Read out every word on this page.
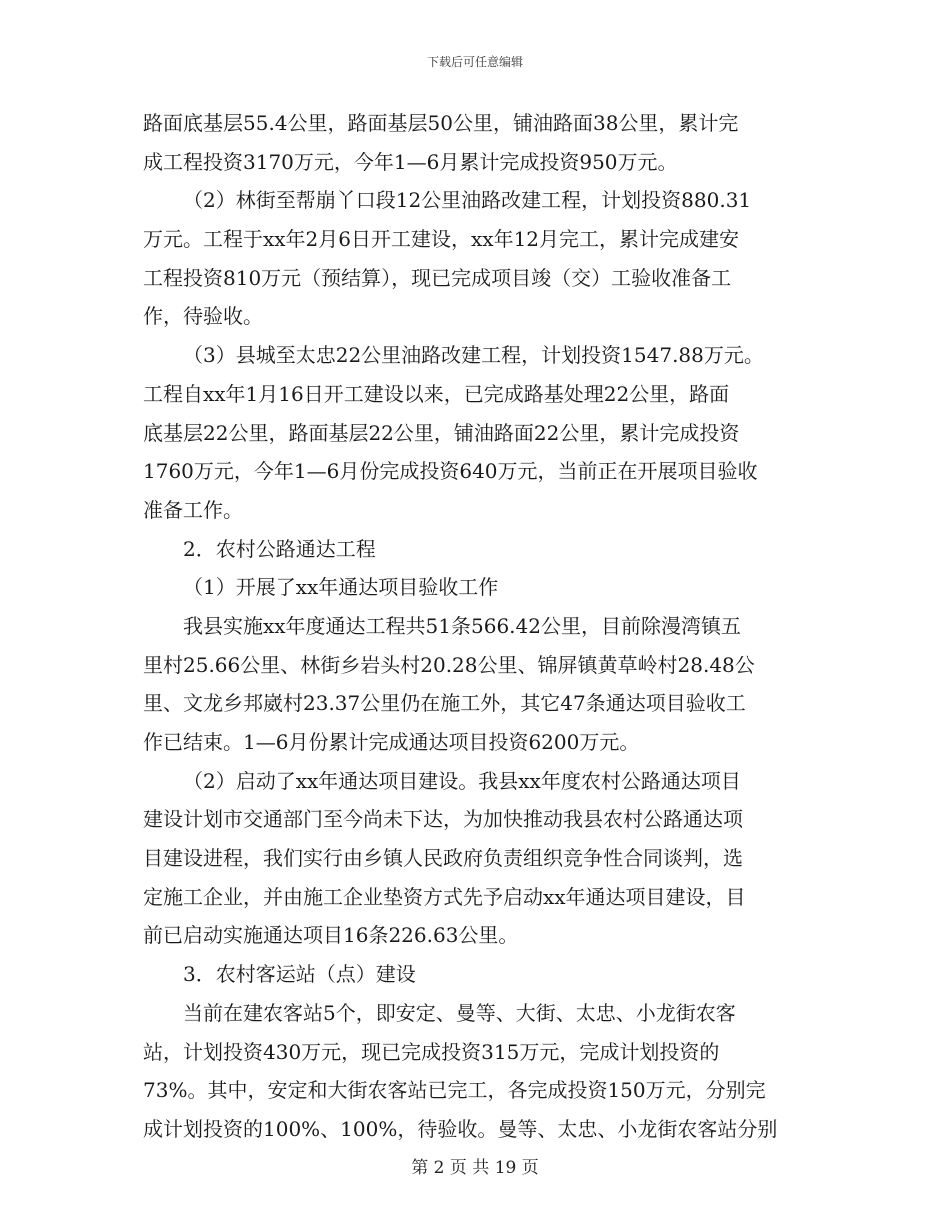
下载后可任意编辑
路面底基层55.4公里，路面基层50公里，铺油路面38公里，累计完
成工程投资3170万元，今年1—6月累计完成投资950万元。
（2）林街至帮崩丫口段12公里油路改建工程，计划投资880.31
万元。工程于xx年2月6日开工建设，xx年12月完工，累计完成建安
工程投资810万元（预结算），现已完成项目竣（交）工验收准备工
作，待验收。
（3）县城至太忠22公里油路改建工程，计划投资1547.88万元。
工程自xx年1月16日开工建设以来，已完成路基处理22公里，路面
底基层22公里，路面基层22公里，铺油路面22公里，累计完成投资
1760万元，今年1—6月份完成投资640万元，当前正在开展项目验收
准备工作。
2．农村公路通达工程
（1）开展了xx年通达项目验收工作
我县实施xx年度通达工程共51条566.42公里，目前除漫湾镇五
里村25.66公里、林街乡岩头村20.28公里、锦屏镇黄草岭村28.48公
里、文龙乡邦崴村23.37公里仍在施工外，其它47条通达项目验收工
作已结束。1—6月份累计完成通达项目投资6200万元。
（2）启动了xx年通达项目建设。我县xx年度农村公路通达项目
建设计划市交通部门至今尚未下达，为加快推动我县农村公路通达项
目建设进程，我们实行由乡镇人民政府负责组织竞争性合同谈判，选
定施工企业，并由施工企业垫资方式先予启动xx年通达项目建设，目
前已启动实施通达项目16条226.63公里。
3．农村客运站（点）建设
当前在建农客站5个，即安定、曼等、大街、太忠、小龙街农客
站，计划投资430万元，现已完成投资315万元，完成计划投资的
73%。其中，安定和大街农客站已完工，各完成投资150万元，分别完
成计划投资的100%、100%，待验收。曼等、太忠、小龙街农客站分别
第 2 页 共 19 页
